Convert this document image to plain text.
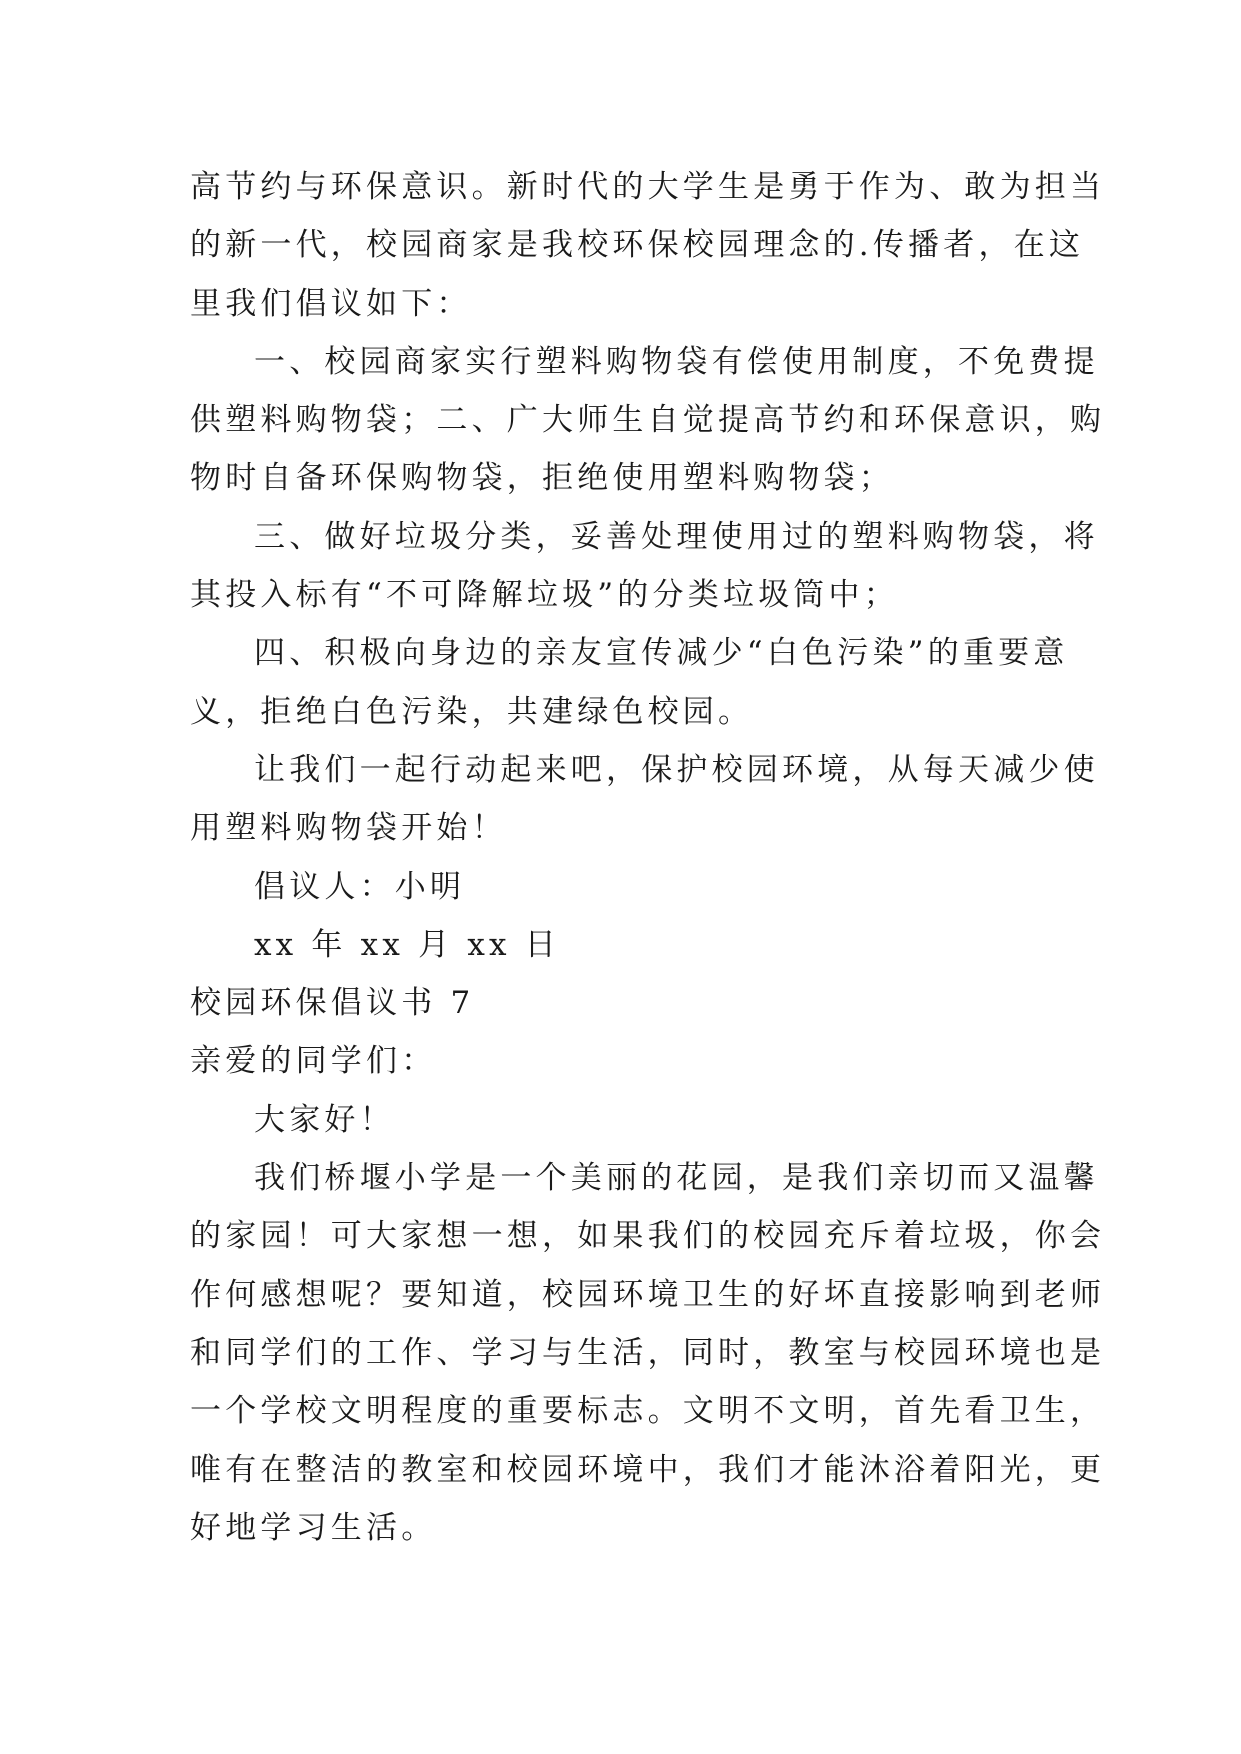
高节约与环保意识。新时代的大学生是勇于作为、敢为担当
的新一代，校园商家是我校环保校园理念的.传播者，在这
里我们倡议如下：
一、校园商家实行塑料购物袋有偿使用制度，不免费提
供塑料购物袋；二、广大师生自觉提高节约和环保意识，购
物时自备环保购物袋，拒绝使用塑料购物袋；
三、做好垃圾分类，妥善处理使用过的塑料购物袋，将
其投入标有“不可降解垃圾”的分类垃圾筒中；
四、积极向身边的亲友宣传减少“白色污染”的重要意
义，拒绝白色污染，共建绿色校园。
让我们一起行动起来吧，保护校园环境，从每天减少使
用塑料购物袋开始！
倡议人：小明
xx 年 xx 月 xx 日
校园环保倡议书 7
亲爱的同学们：
大家好！
我们桥堰小学是一个美丽的花园，是我们亲切而又温馨
的家园！可大家想一想，如果我们的校园充斥着垃圾，你会
作何感想呢？要知道，校园环境卫生的好坏直接影响到老师
和同学们的工作、学习与生活，同时，教室与校园环境也是
一个学校文明程度的重要标志。文明不文明，首先看卫生，
唯有在整洁的教室和校园环境中，我们才能沐浴着阳光，更
好地学习生活。
